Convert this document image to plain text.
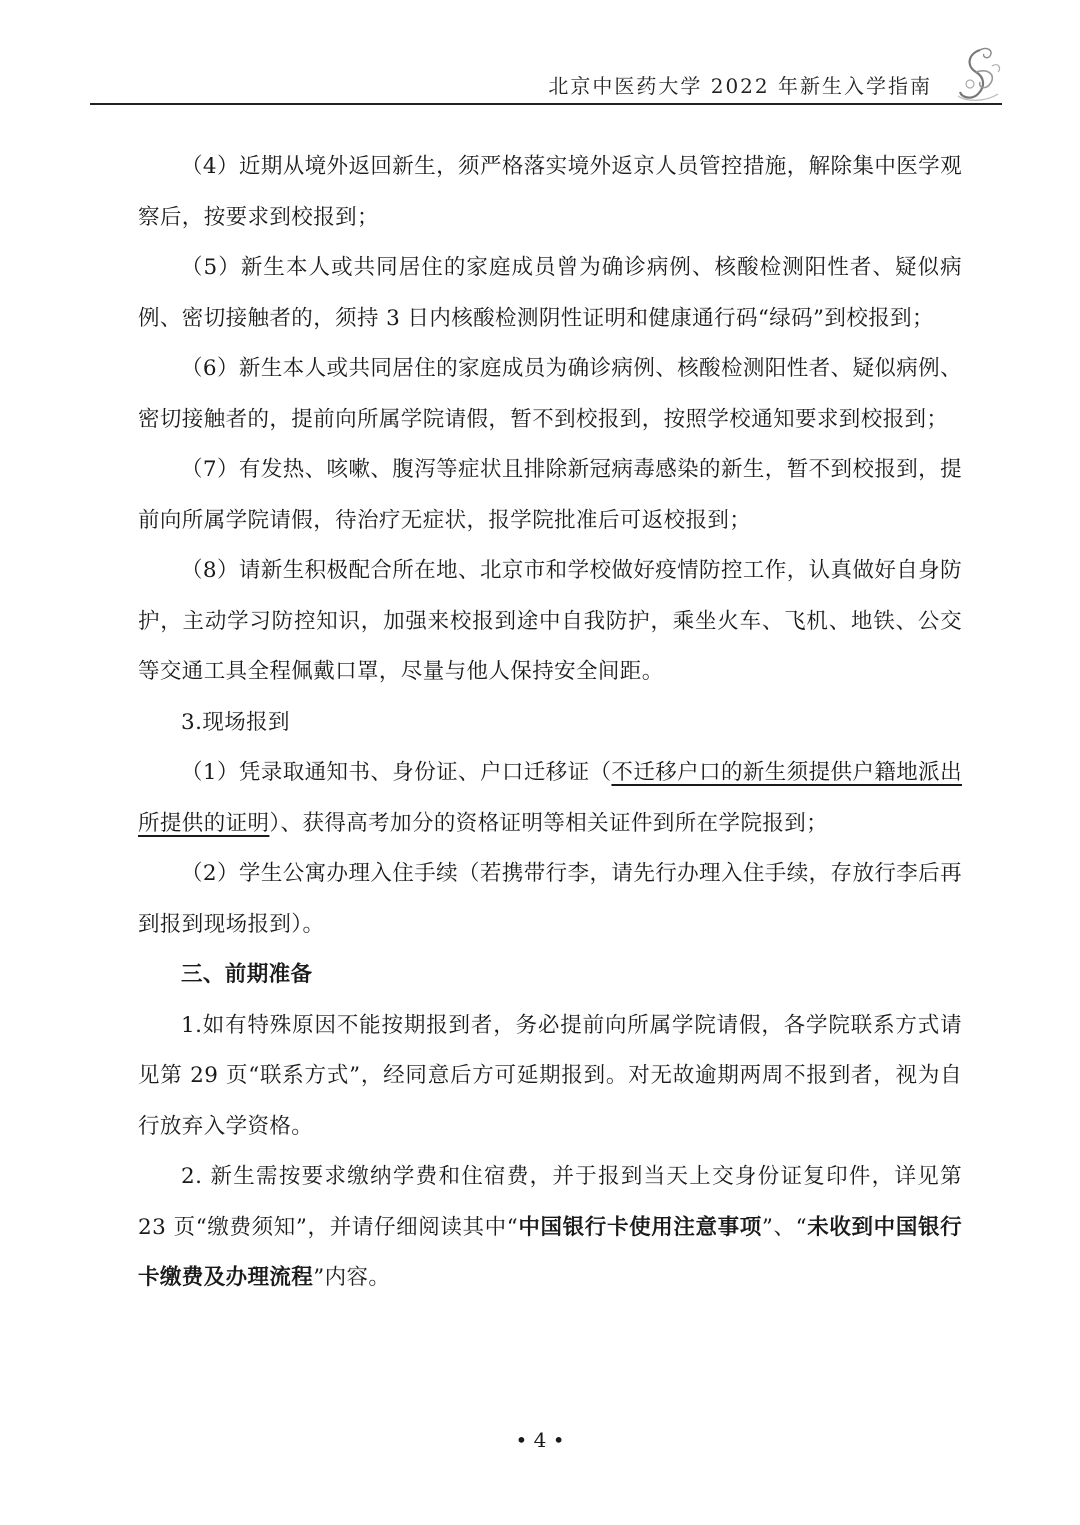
北京中医药大学 2022 年新生入学指南

（4）近期从境外返回新生，须严格落实境外返京人员管控措施，解除集中医学观察后，按要求到校报到；

（5）新生本人或共同居住的家庭成员曾为确诊病例、核酸检测阳性者、疑似病例、密切接触者的，须持 3 日内核酸检测阴性证明和健康通行码“绿码”到校报到；

（6）新生本人或共同居住的家庭成员为确诊病例、核酸检测阳性者、疑似病例、密切接触者的，提前向所属学院请假，暂不到校报到，按照学校通知要求到校报到；

（7）有发热、咳嗽、腹泻等症状且排除新冠病毒感染的新生，暂不到校报到，提前向所属学院请假，待治疗无症状，报学院批准后可返校报到；

（8）请新生积极配合所在地、北京市和学校做好疫情防控工作，认真做好自身防护，主动学习防控知识，加强来校报到途中自我防护，乘坐火车、飞机、地铁、公交等交通工具全程佩戴口罩，尽量与他人保持安全间距。

3.现场报到

（1）凭录取通知书、身份证、户口迁移证（不迁移户口的新生须提供户籍地派出所提供的证明）、获得高考加分的资格证明等相关证件到所在学院报到；

（2）学生公寓办理入住手续（若携带行李，请先行办理入住手续，存放行李后再到报到现场报到）。

三、前期准备

1.如有特殊原因不能按期报到者，务必提前向所属学院请假，各学院联系方式请见第 29 页“联系方式”，经同意后方可延期报到。对无故逾期两周不报到者，视为自行放弃入学资格。

2. 新生需按要求缴纳学费和住宿费，并于报到当天上交身份证复印件，详见第 23 页“缴费须知”，并请仔细阅读其中“中国银行卡使用注意事项”、“未收到中国银行卡缴费及办理流程”内容。

• 4 •
